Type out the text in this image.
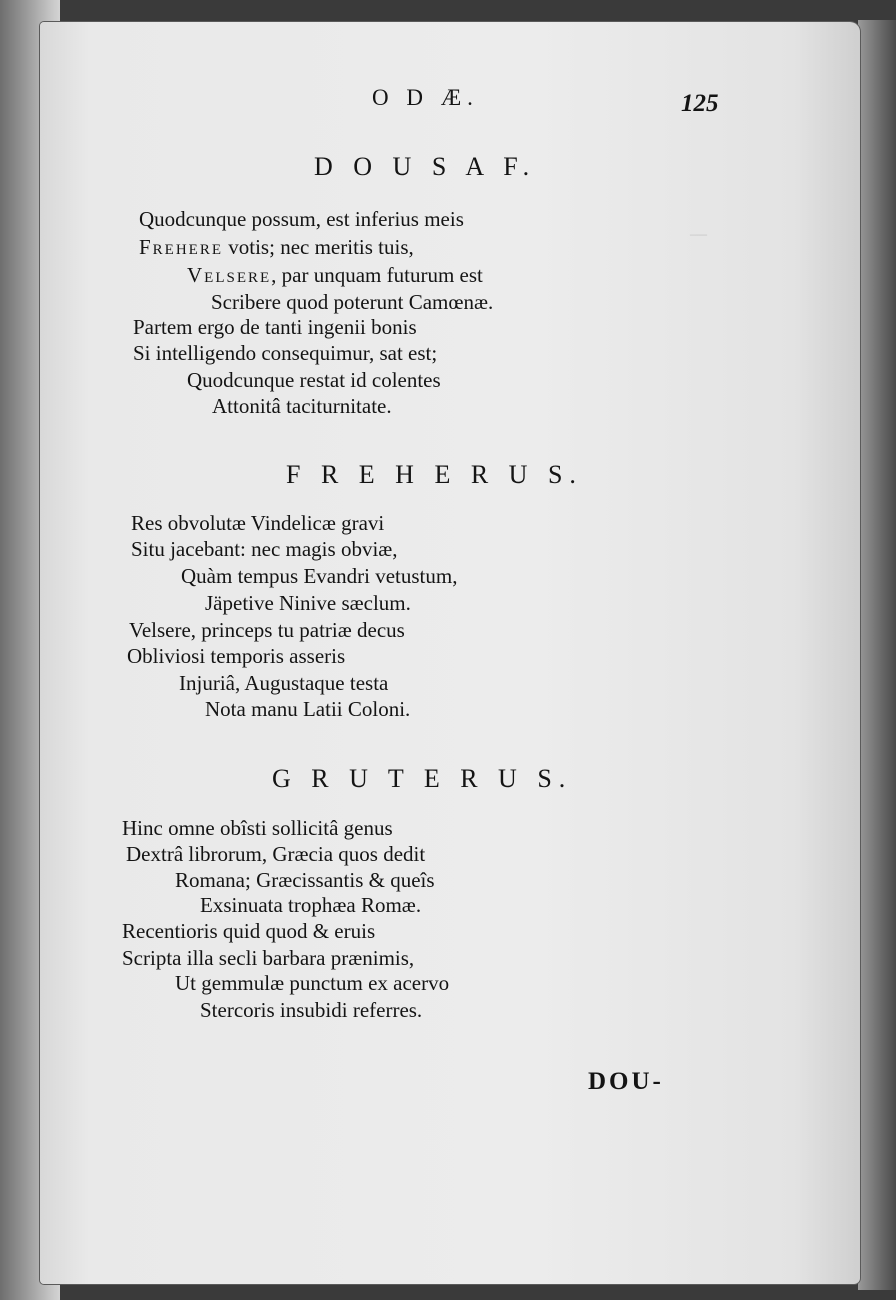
—
O D Æ.	125
D O U S A F.
Quodcunque possum, est inferius meis
Frehere votis; nec meritis tuis,
Velsere, par unquam futurum est
Scribere quod poterunt Camœnæ.
Partem ergo de tanti ingenii bonis
Si intelligendo consequimur, sat est;
Quodcunque restat id colentes
Attonitâ taciturnitate.
F R E H E R U S.
Res obvolutæ Vindelicæ gravi
Situ jacebant: nec magis obviæ,
Quàm tempus Evandri vetustum,
Jäpetive Ninive sæclum.
Velsere, princeps tu patriæ decus
Obliviosi temporis asseris
Injuriâ, Augustaque testa
Nota manu Latii Coloni.
G R U T E R U S.
Hinc omne obîsti sollicitâ genus
Dextrâ librorum, Græcia quos dedit
Romana; Græcissantis & queîs
Exsinuata trophæa Romæ.
Recentioris quid quod & eruis
Scripta illa secli barbara prænimis,
Ut gemmulæ punctum ex acervo
Stercoris insubidi referres.
DOU-
